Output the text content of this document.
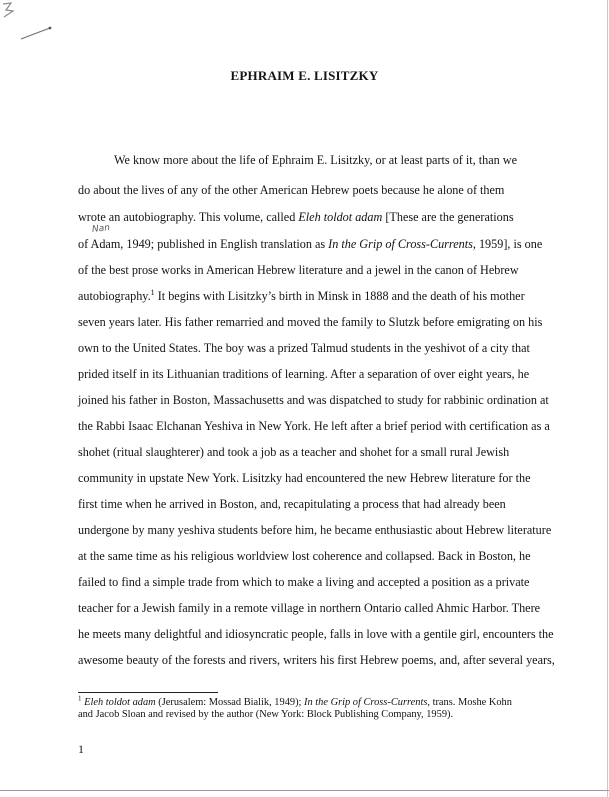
EPHRAIM E. LISITZKY
Nan
We know more about the life of Ephraim E. Lisitzky, or at least parts of it, than we
do about the lives of any of the other American Hebrew poets because he alone of them
wrote an autobiography. This volume, called Eleh toldot adam [These are the generations
of Adam, 1949; published in English translation as In the Grip of Cross-Currents, 1959], is one
of the best prose works in American Hebrew literature and a jewel in the canon of Hebrew
autobiography.$^1$ It begins with Lisitzky’s birth in Minsk in 1888 and the death of his mother
seven years later. His father remarried and moved the family to Slutzk before emigrating on his
own to the United States. The boy was a prized Talmud students in the yeshivot of a city that
prided itself in its Lithuanian traditions of learning. After a separation of over eight years, he
joined his father in Boston, Massachusetts and was dispatched to study for rabbinic ordination at
the Rabbi Isaac Elchanan Yeshiva in New York. He left after a brief period with certification as a
shohet (ritual slaughterer) and took a job as a teacher and shohet for a small rural Jewish
community in upstate New York. Lisitzky had encountered the new Hebrew literature for the
first time when he arrived in Boston, and, recapitulating a process that had already been
undergone by many yeshiva students before him, he became enthusiastic about Hebrew literature
at the same time as his religious worldview lost coherence and collapsed. Back in Boston, he
failed to find a simple trade from which to make a living and accepted a position as a private
teacher for a Jewish family in a remote village in northern Ontario called Ahmic Harbor. There
he meets many delightful and idiosyncratic people, falls in love with a gentile girl, encounters the
awesome beauty of the forests and rivers, writers his first Hebrew poems, and, after several years,
$^1$ Eleh toldot adam (Jerusalem: Mossad Bialik, 1949); In the Grip of Cross-Currents, trans. Moshe Kohn
and Jacob Sloan and revised by the author (New York: Block Publishing Company, 1959).
1
